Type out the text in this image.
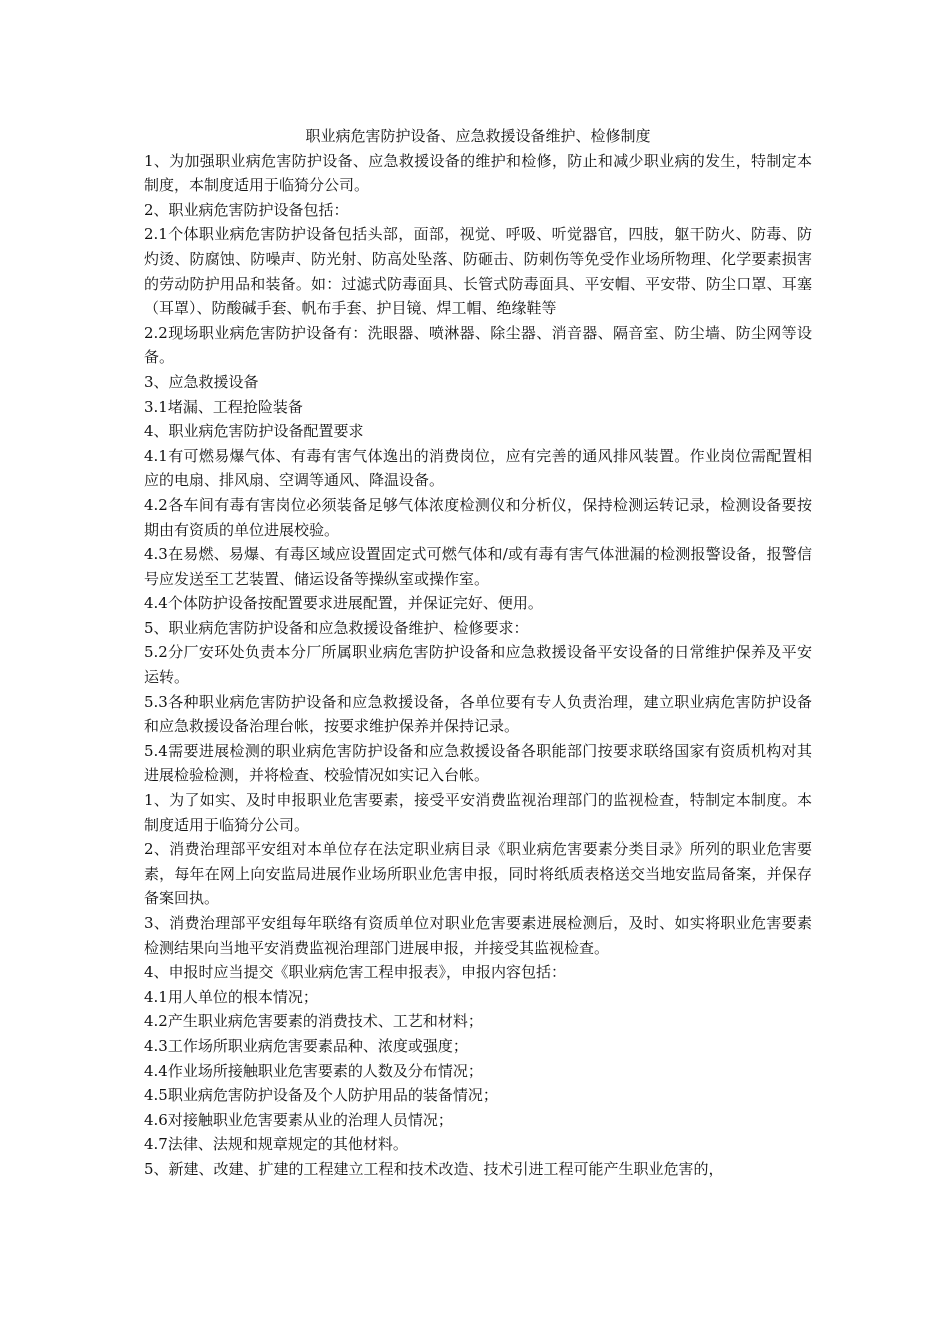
职业病危害防护设备、应急救援设备维护、检修制度

1、为加强职业病危害防护设备、应急救援设备的维护和检修，防止和减少职业病的发生，特制定本制度，本制度适用于临猗分公司。

2、职业病危害防护设备包括：

2.1个体职业病危害防护设备包括头部，面部，视觉、呼吸、听觉器官，四肢，躯干防火、防毒、防灼烫、防腐蚀、防噪声、防光射、防高处坠落、防砸击、防刺伤等免受作业场所物理、化学要素损害的劳动防护用品和装备。如：过滤式防毒面具、长管式防毒面具、平安帽、平安带、防尘口罩、耳塞（耳罩）、防酸碱手套、帆布手套、护目镜、焊工帽、绝缘鞋等

2.2现场职业病危害防护设备有：洗眼器、喷淋器、除尘器、消音器、隔音室、防尘墙、防尘网等设备。

3、应急救援设备

3.1堵漏、工程抢险装备

4、职业病危害防护设备配置要求

4.1有可燃易爆气体、有毒有害气体逸出的消费岗位，应有完善的通风排风装置。作业岗位需配置相应的电扇、排风扇、空调等通风、降温设备。

4.2各车间有毒有害岗位必须装备足够气体浓度检测仪和分析仪，保持检测运转记录，检测设备要按期由有资质的单位进展校验。

4.3在易燃、易爆、有毒区域应设置固定式可燃气体和/或有毒有害气体泄漏的检测报警设备，报警信号应发送至工艺装置、储运设备等操纵室或操作室。

4.4个体防护设备按配置要求进展配置，并保证完好、便用。

5、职业病危害防护设备和应急救援设备维护、检修要求：

5.2分厂安环处负责本分厂所属职业病危害防护设备和应急救援设备平安设备的日常维护保养及平安运转。

5.3各种职业病危害防护设备和应急救援设备，各单位要有专人负责治理，建立职业病危害防护设备和应急救援设备治理台帐，按要求维护保养并保持记录。

5.4需要进展检测的职业病危害防护设备和应急救援设备各职能部门按要求联络国家有资质机构对其进展检验检测，并将检查、校验情况如实记入台帐。

1、为了如实、及时申报职业危害要素，接受平安消费监视治理部门的监视检查，特制定本制度。本制度适用于临猗分公司。

2、消费治理部平安组对本单位存在法定职业病目录《职业病危害要素分类目录》所列的职业危害要素，每年在网上向安监局进展作业场所职业危害申报，同时将纸质表格送交当地安监局备案，并保存备案回执。

3、消费治理部平安组每年联络有资质单位对职业危害要素进展检测后，及时、如实将职业危害要素检测结果向当地平安消费监视治理部门进展申报，并接受其监视检查。

4、申报时应当提交《职业病危害工程申报表》，申报内容包括：

4.1用人单位的根本情况；

4.2产生职业病危害要素的消费技术、工艺和材料；

4.3工作场所职业病危害要素品种、浓度或强度；

4.4作业场所接触职业危害要素的人数及分布情况；

4.5职业病危害防护设备及个人防护用品的装备情况；

4.6对接触职业危害要素从业的治理人员情况；

4.7法律、法规和规章规定的其他材料。

5、新建、改建、扩建的工程建立工程和技术改造、技术引进工程可能产生职业危害的，
